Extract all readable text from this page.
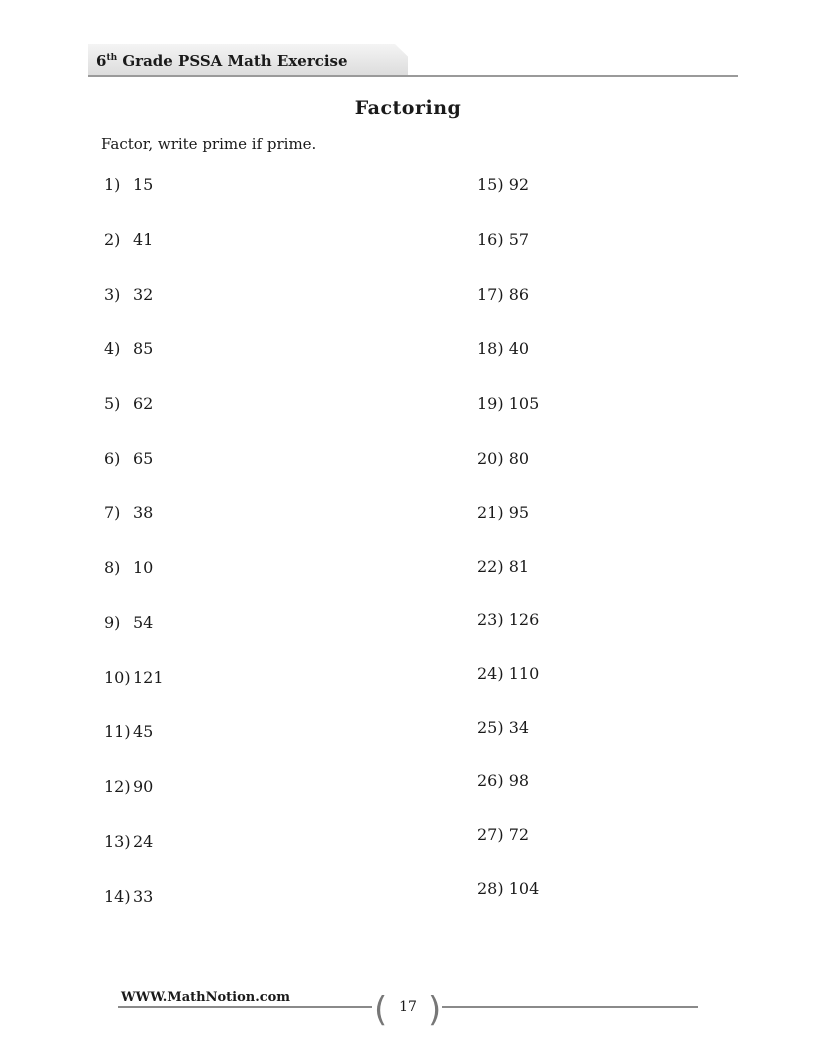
6th Grade PSSA Math Exercise
Factoring
Factor, write prime if prime.
1) 15
2) 41
3) 32
4) 85
5) 62
6) 65
7) 38
8) 10
9) 54
10) 121
11) 45
12) 90
13) 24
14) 33
15) 92
16) 57
17) 86
18) 40
19) 105
20) 80
21) 95
22) 81
23) 126
24) 110
25) 34
26) 98
27) 72
28) 104
WWW.MathNotion.com ( )
17
